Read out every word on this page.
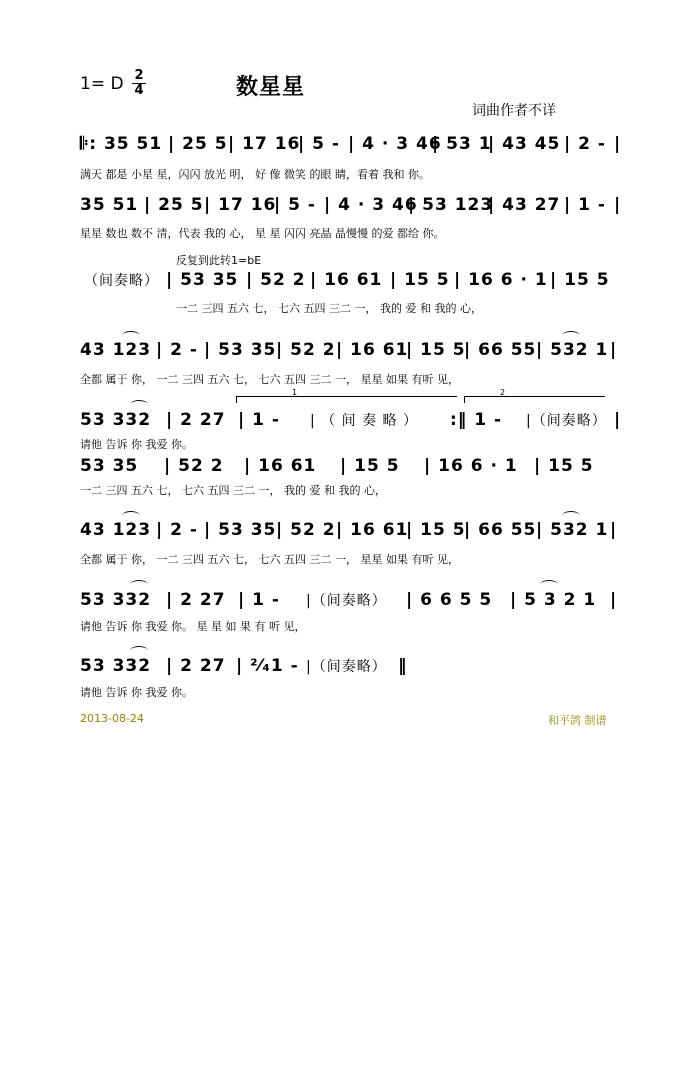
1= D 2
4	数星星
词曲作者不详
𝄆: 35 51 | 25 5 | 17 16
| 5 - | 4 · 3 46
| 53 1
| 43 45 | 2 - |
满天 都是 小星 星，闪闪 放光 明， 好 像 微笑 的眼 睛，看着 我和 你。
35 51 | 25 5 | 17 16
| 5 - | 4 · 3 46
| 53 123
| 43 27 | 1 - |
星星 数也 数不 清，代表 我的 心， 星 星 闪闪 亮晶 晶慢慢 的爱 都给 你。
反复到此转1=bE
（间奏略） | 53 35 | 52 2 | 16 61 | 15 5 | 16 6 · 1 | 15 5
一二 三四 五六 七， 七六 五四 三二 一， 我的 爱 和 我的 心，
43 123 | 2 - | 53 35 | 52 2 | 16 61
| 15 5
| 66 55 | 532 1 |
全都 属于 你， 一二 三四 五六 七， 七六 五四 三二 一， 星星 如果 有听 见，
1	2
53 332 | 2 27 | 1 - | （ 间 奏 略 ） :‖ 1 - |（间奏略） |
请他 告诉 你 我爱 你。
53 35 | 52 2 | 16 61 | 15 5 | 16 6 · 1 | 15 5
一二 三四 五六 七， 七六 五四 三二 一， 我的 爱 和 我的 心，
43 123 | 2 - | 53 35 | 52 2 | 16 61
| 15 5
| 66 55 | 532 1 |
全都 属于 你， 一二 三四 五六 七， 七六 五四 三二 一， 星星 如果 有听 见，
53 332 | 2 27 | 1 - |（间奏略） | 6 6 5 5 | 5 3 2 1 |
请他 告诉 你 我爱 你。 星 星 如 果 有 听 见，
53 332 | 2 27 | ²⁄₄1 - |（间奏略） ‖
请他 告诉 你 我爱 你。
2013-08-24	和平鸽 制谱
